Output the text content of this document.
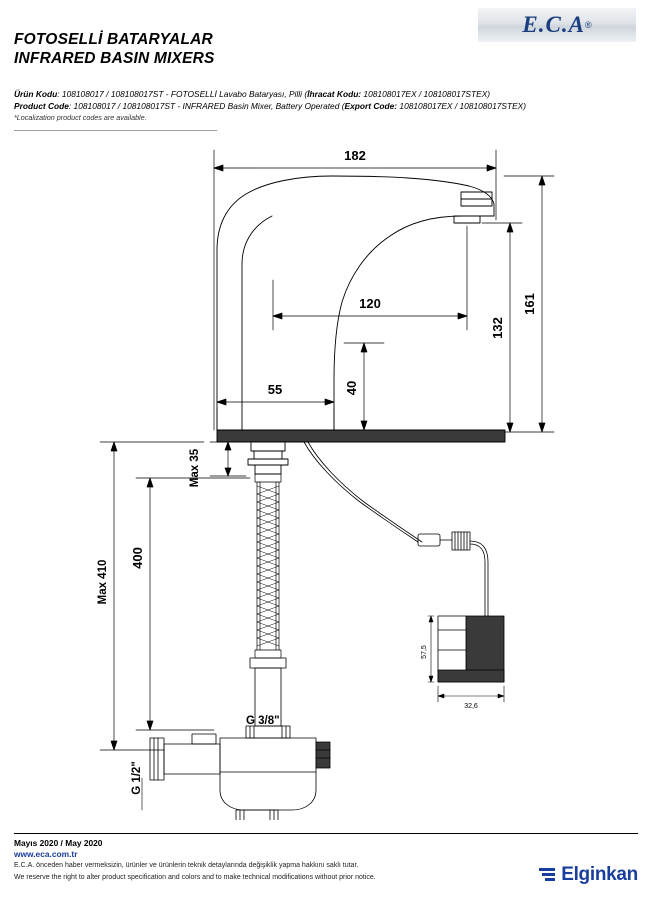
FOTOSELLİ BATARYALAR
INFRARED BASIN MIXERS
E.C.A ®
Ürün Kodu: 108108017 / 108108017ST - FOTOSELLİ Lavabo Bataryası, Pilli (İhracat Kodu: 108108017EX / 108108017STEX)
Product Code: 108108017 / 108108017ST - INFRARED Basin Mixer, Battery Operated (Export Code: 108108017EX / 108108017STEX)
*Localization product codes are available.
182
120
55
161
132
40
400
Max 35
Max 410
G 3/8"
G 1/2"
57,5
32,6
Mayıs 2020 / May 2020
www.eca.com.tr
E.C.A. önceden haber vermeksizin, ürünler ve ürünlerin teknik detaylarında değişiklik yapma hakkını saklı tutar.
We reserve the right to alter product specification and colors and to make technical modifications without prior notice.	Elginkan
